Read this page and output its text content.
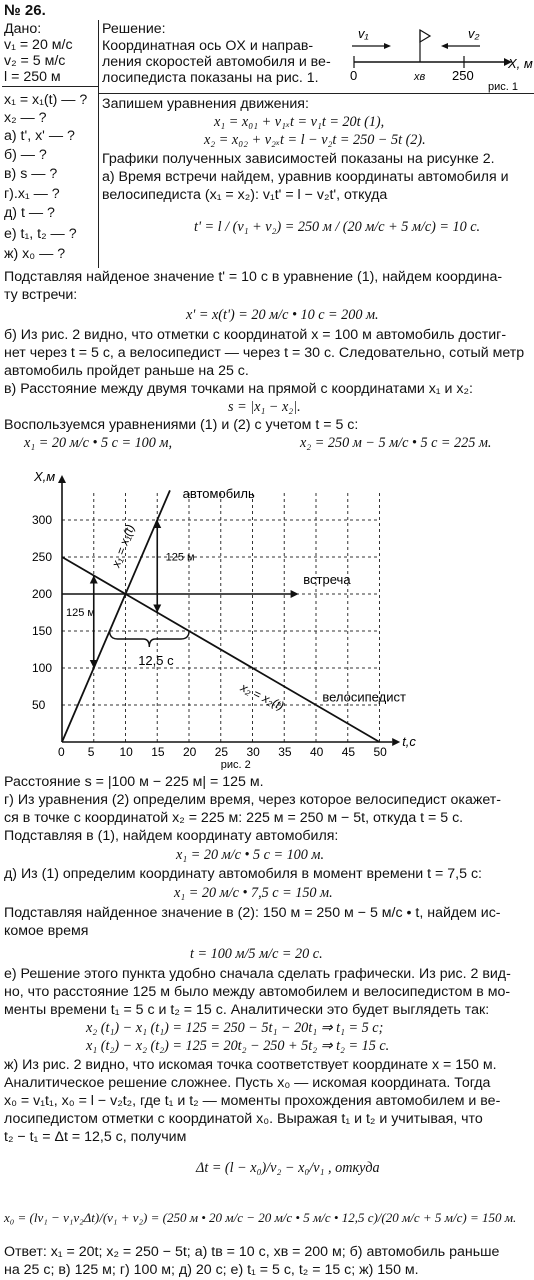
№ 26.
Дано:
v₁ = 20 м/с
v₂ = 5 м/с
l = 250 м
x₁ = x₁(t) — ?
x₂ — ?
а) t', x' — ?
б) — ?
в) s — ?
г).x₁ — ?
д) t — ?
е) t₁, t₂ — ?
ж) x₀ — ?
Решение:
Координатная ось OX и направ-
ления скоростей автомобиля и ве-
лосипедиста показаны на рис. 1.
v₁	v₂
X, м
0	xв 250
рис. 1
Запишем уравнения движения:
x₁ = x₀₁ + v₁ₓt = v₁t = 20t (1),
x₂ = x₀₂ + v₂ₓt = l − v₂t = 250 − 5t (2).
Графики полученных зависимостей показаны на рисунке 2.
а) Время встречи найдем, уравнив координаты автомобиля и
велосипедиста (x₁ = x₂): v₁t' = l − v₂t', откуда
t' = l / (v₁ + v₂) = 250 м / (20 м/с + 5 м/с) = 10 с.
Подставляя найденое значение t' = 10 с в уравнение (1), найдем координа-
ту встречи:
x' = x(t') = 20 м/с • 10 с = 200 м.
б) Из рис. 2 видно, что отметки с координатой x = 100 м автомобиль достиг-
нет через t = 5 с, а велосипедист — через t = 30 с. Следовательно, сотый метр
автомобиль пройдет раньше на 25 с.
в) Расстояние между двумя точками на прямой с координатами x₁ и x₂:
s = |x₁ − x₂|.
Воспользуемся уравнениями (1) и (2) с учетом t = 5 с:
x₁ = 20 м/с • 5 с = 100 м,	x₂ = 250 м − 5 м/с • 5 с = 225 м.
X,м
t,с
5 10 15 20 25 30 35 40 45 50
0
50
100
150
200
250
300
встреча
125 м
125 м
12,5 с
автомобиль
велосипедист
x₁ = x₁(t)
x₂ = x₂(t)
рис. 2
Расстояние s = |100 м − 225 м| = 125 м.
г) Из уравнения (2) определим время, через которое велосипедист окажет-
ся в точке с координатой x₂ = 225 м: 225 м = 250 м − 5t, откуда t = 5 с.
Подставляя в (1), найдем координату автомобиля:
x₁ = 20 м/с • 5 с = 100 м.
д) Из (1) определим координату автомобиля в момент времени t = 7,5 с:
x₁ = 20 м/с • 7,5 с = 150 м.
Подставляя найденное значение в (2): 150 м = 250 м − 5 м/с • t, найдем ис-
комое время
t = 100 м/5 м/с = 20 с.
е) Решение этого пункта удобно сначала сделать графически. Из рис. 2 вид-
но, что расстояние 125 м было между автомобилем и велосипедистом в мо-
менты времени t₁ = 5 с и t₂ = 15 с. Аналитически это будет выглядеть так:
x₂ (t₁) − x₁ (t₁) = 125 = 250 − 5t₁ − 20t₁ ⇒ t₁ = 5 с;
x₁ (t₂) − x₂ (t₂) = 125 = 20t₂ − 250 + 5t₂ ⇒ t₂ = 15 с.
ж) Из рис. 2 видно, что искомая точка соответствует координате x = 150 м.
Аналитическое решение сложнее. Пусть x₀ — искомая координата. Тогда
x₀ = v₁t₁, x₀ = l − v₂t₂, где t₁ и t₂ — моменты прохождения автомобилем и ве-
лосипедистом отметки с координатой x₀. Выражая t₁ и t₂ и учитывая, что
t₂ − t₁ = Δt = 12,5 с, получим
Δt = (l − x₀)/v₂ − x₀/v₁ , откуда
x₀ = (lv₁ − v₁v₂Δt)/(v₁ + v₂) = (250 м • 20 м/с − 20 м/с • 5 м/с • 12,5 с)/(20 м/с + 5 м/с) = 150 м.
Ответ: x₁ = 20t; x₂ = 250 − 5t; а) tв = 10 с, xв = 200 м; б) автомобиль раньше
на 25 с; в) 125 м; г) 100 м; д) 20 с; е) t₁ = 5 с, t₂ = 15 с; ж) 150 м.
